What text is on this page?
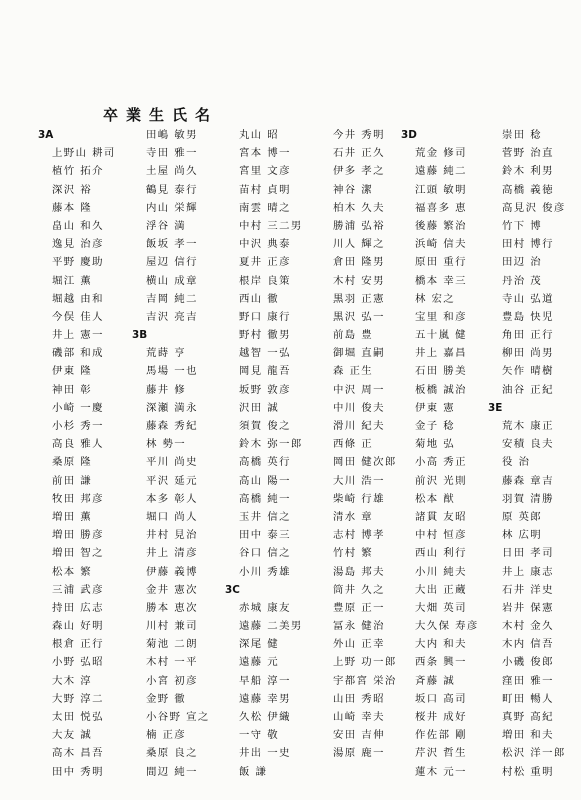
卒業生氏名
3A
上野山 耕司
植竹 拓介
深沢 裕
藤本 隆
畠山 和久
逸見 治彦
平野 慶助
堀江 薫
堀越 由和
今俣 佳人
井上 憲一
磯部 和成
伊東 隆
神田 彰
小崎 一慶
小杉 秀一
高良 雅人
桑原 隆
前田 謙
牧田 邦彦
増田 薫
増田 勝彦
増田 智之
松本 繁
三浦 武彦
持田 広志
森山 好明
根倉 正行
小野 弘昭
大木 淳
大野 淳二
太田 悦弘
大友 誠
高木 昌吾
田中 秀明
田嶋 敏男
寺田 雅一
土屋 尚久
鶴見 泰行
内山 栄輝
浮谷 満
飯坂 孝一
屋辺 信行
横山 成章
吉岡 純二
吉沢 亮吉
3B
荒蒔 亨
馬場 一也
藤井 修
深瀬 満永
藤森 秀紀
林 勢一
平川 尚史
平沢 延元
本多 彰人
堀口 尚人
井村 見治
井上 清彦
伊藤 義博
金井 憲次
勝本 恵次
川村 兼司
菊池 二朗
木村 一平
小宮 初彦
金野 徹
小谷野 宣之
楠 正彦
桑原 良之
間辺 純一
丸山 昭
宮本 博一
宮里 文彦
苗村 貞明
南雲 晴之
中村 三二男
中沢 典泰
夏井 正彦
根岸 良策
西山 徹
野口 康行
野村 徹男
越智 一弘
岡見 龍吾
坂野 敦彦
沢田 誠
須賀 俊之
鈴木 弥一郎
高橋 英行
高山 陽一
高橋 純一
玉井 信之
田中 泰三
谷口 信之
小川 秀雄
3C
赤城 康友
遠藤 二美男
深尾 健
遠藤 元
早船 淳一
遠藤 幸男
久松 伊織
一守 敬
井出 一史
飯 謙
今井 秀明
石井 正久
伊多 孝之
神谷 潔
柏木 久夫
勝浦 弘裕
川人 輝之
倉田 隆男
木村 安男
黒羽 正憲
黒沢 弘一
前島 豊
御堀 直嗣
森 正生
中沢 周一
中川 俊夫
滑川 紀夫
西條 正
岡田 健次郎
大川 浩一
柴崎 行雄
清水 章
志村 博孝
竹村 繁
湯島 邦夫
筒井 久之
豊原 正一
冨永 健治
外山 正幸
上野 功一郎
宇都宮 栄治
山田 秀昭
山崎 幸夫
安田 吉伸
湯原 鹿一
3D
荒金 修司
遠藤 純二
江頭 敏明
福喜多 恵
後藤 繁治
浜崎 信夫
原田 重行
橋本 幸三
林 宏之
宝里 和彦
五十嵐 健
井上 嘉昌
石田 勝美
板橋 誠治
伊東 憲
金子 稔
菊地 弘
小高 秀正
前沢 光則
松本 猷
諸貫 友昭
中村 恒彦
西山 利行
小川 純夫
大出 正蔵
大畑 英司
大久保 寿彦
大内 和夫
西条 興一
斉藤 誠
坂口 高司
桜井 成好
作佐部 剛
芹沢 哲生
蓮木 元一
崇田 稔
菅野 治直
鈴木 利男
高橋 義徳
高見沢 俊彦
竹下 博
田村 博行
田辺 治
丹治 茂
寺山 弘道
豊島 快児
角田 正行
柳田 尚男
矢作 晴樹
油谷 正紀
3E
荒木 康正
安積 良夫
役 治
藤森 章吉
羽賀 清勝
原 英郎
林 広明
日田 孝司
井上 康志
石井 洋史
岩井 保憲
木村 金久
木内 信吾
小磯 俊郎
窪田 雅一
町田 暢人
真野 高紀
増田 和夫
松沢 洋一郎
村松 重明
